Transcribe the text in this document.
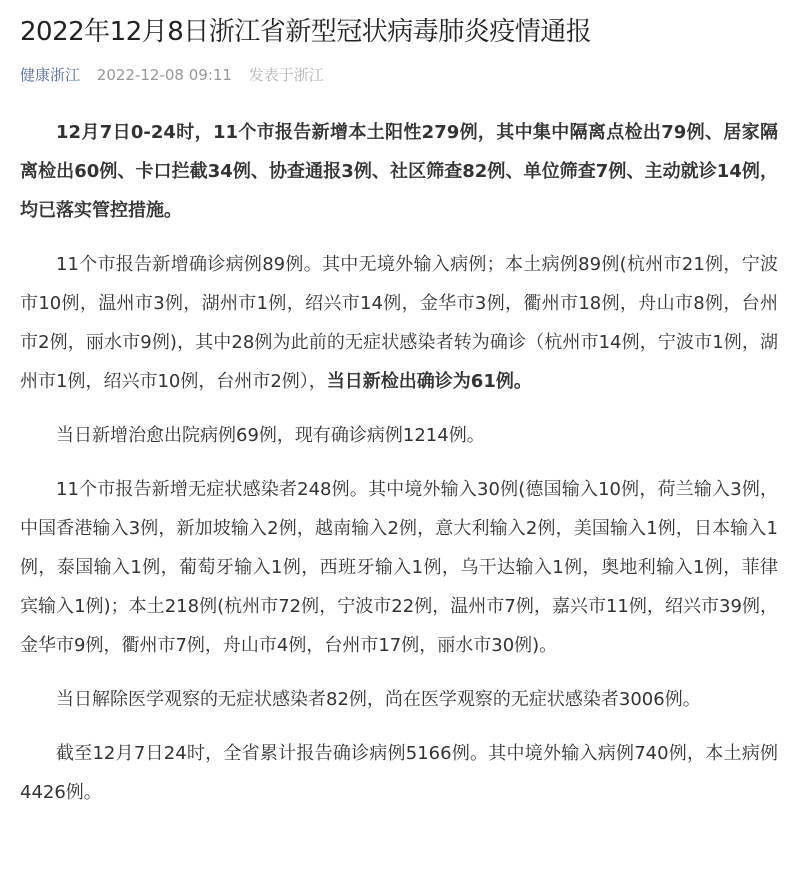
2022年12月8日浙江省新型冠状病毒肺炎疫情通报
健康浙江 2022-12-08 09:11 发表于浙江

12月7日0-24时，11个市报告新增本土阳性279例，其中集中隔离点检出79例、居家隔离检出60例、卡口拦截34例、协查通报3例、社区筛查82例、单位筛查7例、主动就诊14例，均已落实管控措施。

11个市报告新增确诊病例89例。其中无境外输入病例；本土病例89例(杭州市21例，宁波市10例，温州市3例，湖州市1例，绍兴市14例，金华市3例，衢州市18例，舟山市8例，台州市2例，丽水市9例)，其中28例为此前的无症状感染者转为确诊（杭州市14例，宁波市1例，湖州市1例，绍兴市10例，台州市2例），当日新检出确诊为61例。

当日新增治愈出院病例69例，现有确诊病例1214例。

11个市报告新增无症状感染者248例。其中境外输入30例(德国输入10例，荷兰输入3例，中国香港输入3例，新加坡输入2例，越南输入2例，意大利输入2例，美国输入1例，日本输入1例，泰国输入1例，葡萄牙输入1例，西班牙输入1例，乌干达输入1例，奥地利输入1例，菲律宾输入1例)；本土218例(杭州市72例，宁波市22例，温州市7例，嘉兴市11例，绍兴市39例，金华市9例，衢州市7例，舟山市4例，台州市17例，丽水市30例)。

当日解除医学观察的无症状感染者82例，尚在医学观察的无症状感染者3006例。

截至12月7日24时，全省累计报告确诊病例5166例。其中境外输入病例740例，本土病例4426例。
